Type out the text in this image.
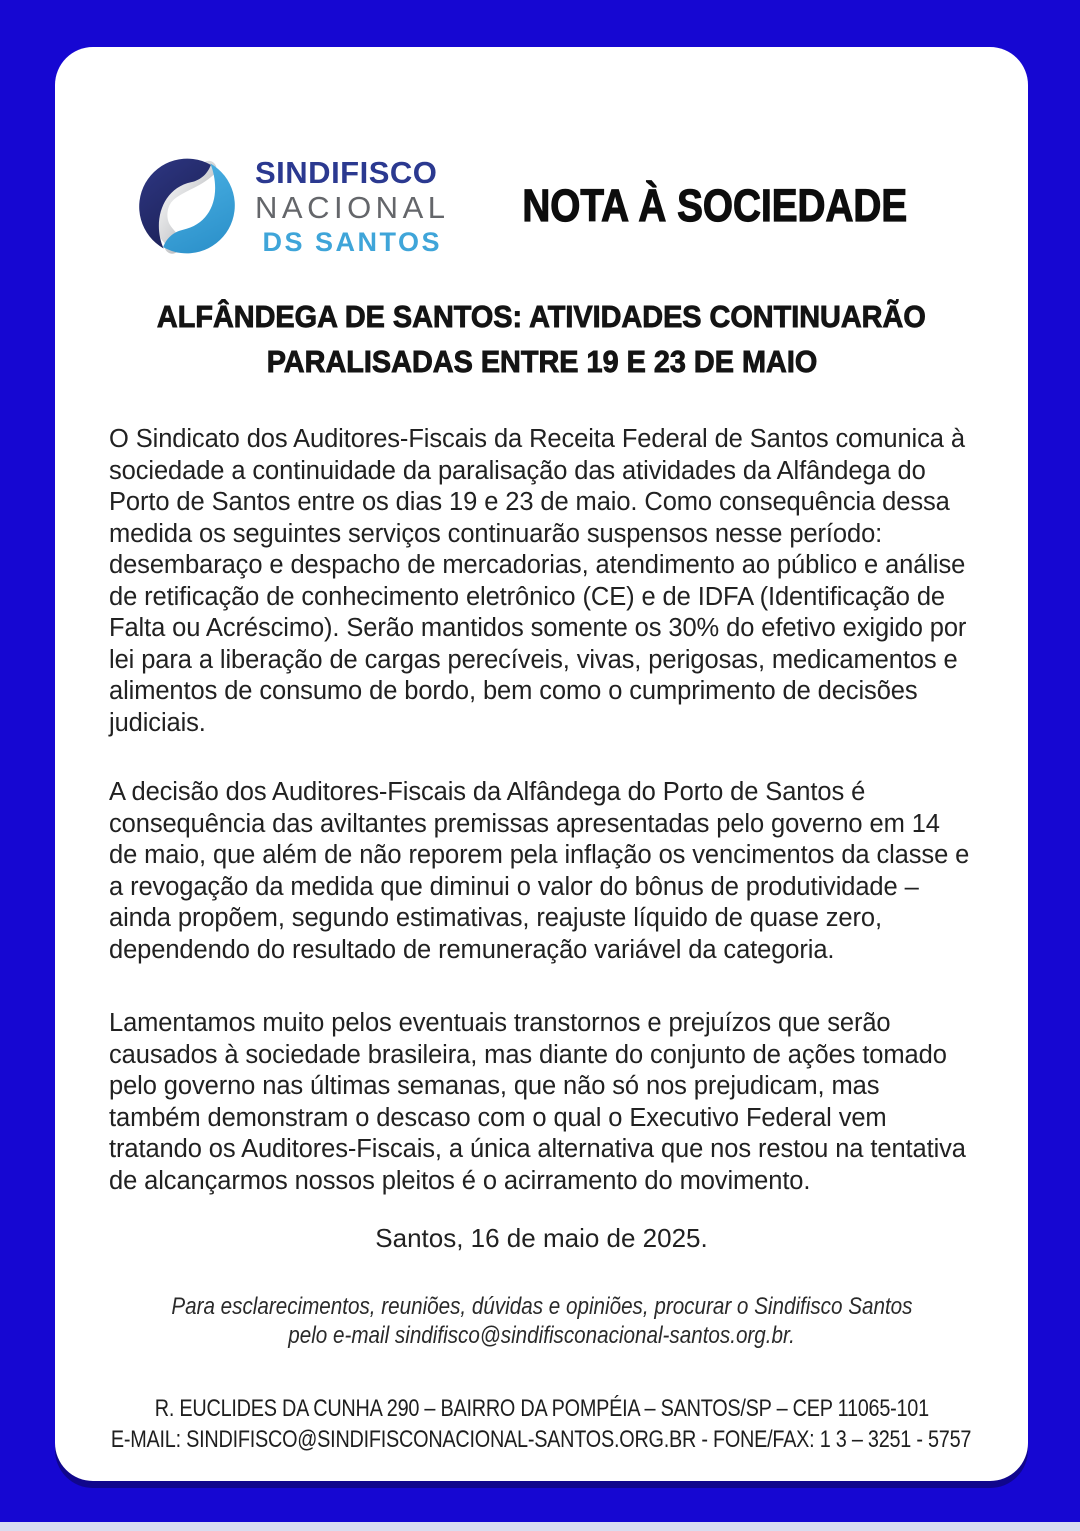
SINDIFISCO
NACIONAL
DS SANTOS
NOTA À SOCIEDADE
ALFÂNDEGA DE SANTOS: ATIVIDADES CONTINUARÃO
PARALISADAS ENTRE 19 E 23 DE MAIO

O Sindicato dos Auditores-Fiscais da Receita Federal de Santos comunica à sociedade a continuidade da paralisação das atividades da Alfândega do Porto de Santos entre os dias 19 e 23 de maio. Como consequência dessa medida os seguintes serviços continuarão suspensos nesse período: desembaraço e despacho de mercadorias, atendimento ao público e análise de retificação de conhecimento eletrônico (CE) e de IDFA (Identificação de Falta ou Acréscimo). Serão mantidos somente os 30% do efetivo exigido por lei para a liberação de cargas perecíveis, vivas, perigosas, medicamentos e alimentos de consumo de bordo, bem como o cumprimento de decisões judiciais.

A decisão dos Auditores-Fiscais da Alfândega do Porto de Santos é consequência das aviltantes premissas apresentadas pelo governo em 14 de maio, que além de não reporem pela inflação os vencimentos da classe e a revogação da medida que diminui o valor do bônus de produtividade – ainda propõem, segundo estimativas, reajuste líquido de quase zero, dependendo do resultado de remuneração variável da categoria.

Lamentamos muito pelos eventuais transtornos e prejuízos que serão causados à sociedade brasileira, mas diante do conjunto de ações tomado pelo governo nas últimas semanas, que não só nos prejudicam, mas também demonstram o descaso com o qual o Executivo Federal vem tratando os Auditores-Fiscais, a única alternativa que nos restou na tentativa de alcançarmos nossos pleitos é o acirramento do movimento.

Santos, 16 de maio de 2025.
Para esclarecimentos, reuniões, dúvidas e opiniões, procurar o Sindifisco Santos
pelo e-mail sindifisco@sindifisconacional-santos.org.br.
R. EUCLIDES DA CUNHA 290 – BAIRRO DA POMPÉIA – SANTOS/SP – CEP 11065-101
E-MAIL: SINDIFISCO@SINDIFISCONACIONAL-SANTOS.ORG.BR - FONE/FAX: 1 3 – 3251 - 5757
